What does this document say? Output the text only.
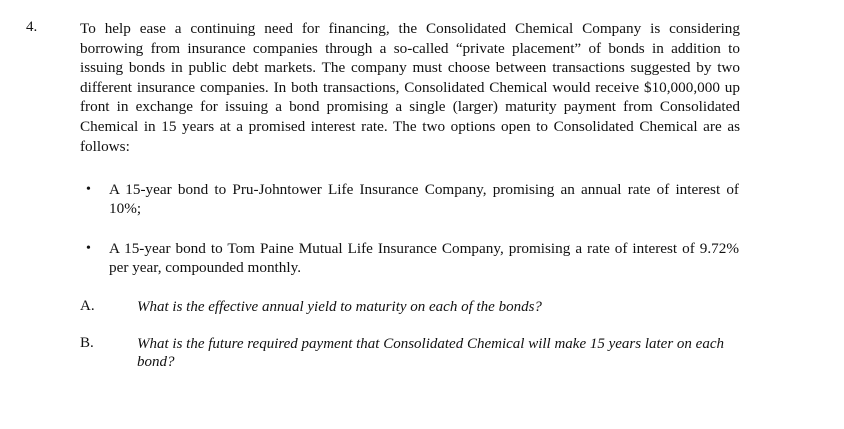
4.	To help ease a continuing need for financing, the Consolidated Chemical Company is considering borrowing from insurance companies through a so-called “private placement” of bonds in addition to issuing bonds in public debt markets. The company must choose between transactions suggested by two different insurance companies. In both transactions, Consolidated Chemical would receive $10,000,000 up front in exchange for issuing a bond promising a single (larger) maturity payment from Consolidated Chemical in 15 years at a promised interest rate. The two options open to Consolidated Chemical are as follows:

• A 15-year bond to Pru-Johntower Life Insurance Company, promising an annual rate of interest of 10%;
• A 15-year bond to Tom Paine Mutual Life Insurance Company, promising a rate of interest of 9.72% per year, compounded monthly.
A.	What is the effective annual yield to maturity on each of the bonds?
B.	What is the future required payment that Consolidated Chemical will make 15 years later on each bond?
